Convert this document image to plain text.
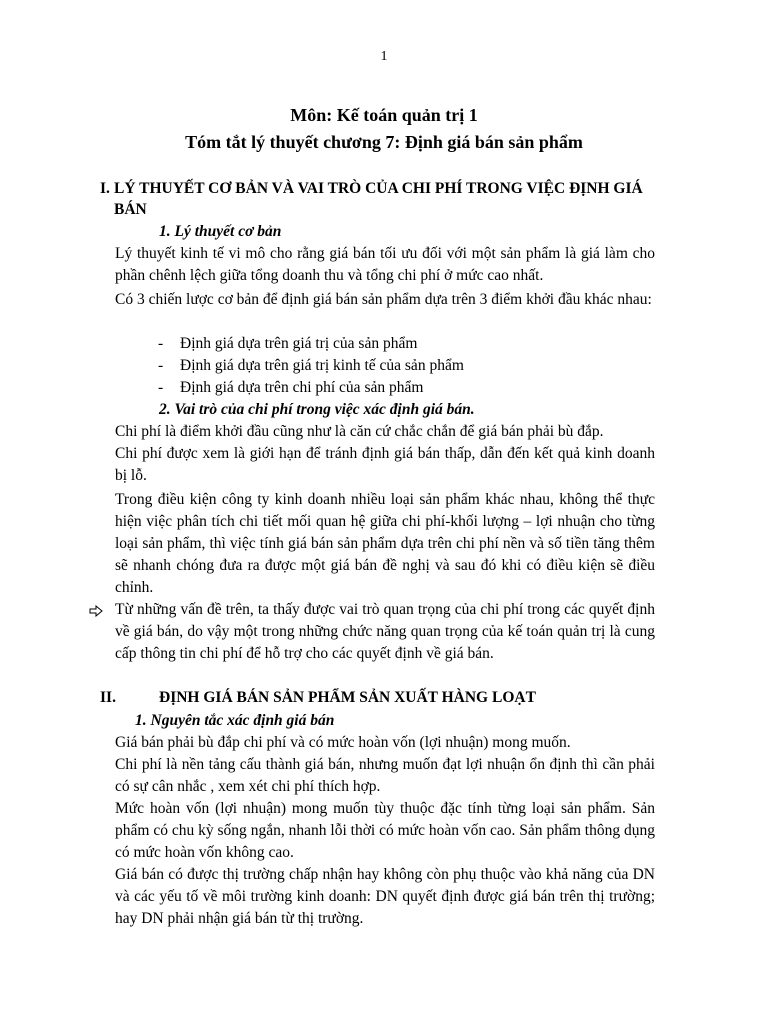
1
Môn: Kế toán quản trị 1
Tóm tắt lý thuyết chương 7: Định giá bán sản phẩm
I. LÝ THUYẾT CƠ BẢN VÀ VAI TRÒ CỦA CHI PHÍ TRONG VIỆC ĐỊNH GIÁ BÁN
1. Lý thuyết cơ bản
Lý thuyết kinh tế vi mô cho rằng giá bán tối ưu đối với một sản phẩm là giá làm cho phần chênh lệch giữa tổng doanh thu và tổng chi phí ở mức cao nhất.
Có 3 chiến lược cơ bản để định giá bán sản phẩm dựa trên 3 điểm khởi đầu khác nhau:
- Định giá dựa trên giá trị của sản phẩm
- Định giá dựa trên giá trị kinh tế của sản phẩm
- Định giá dựa trên chi phí của sản phẩm
2. Vai trò của chi phí trong việc xác định giá bán.
Chi phí là điểm khởi đầu cũng như là căn cứ chắc chắn để giá bán phải bù đắp.
Chi phí được xem là giới hạn để tránh định giá bán thấp, dẫn đến kết quả kinh doanh bị lỗ.
Trong điều kiện công ty kinh doanh nhiều loại sản phẩm khác nhau, không thể thực hiện việc phân tích chi tiết mối quan hệ giữa chi phí-khối lượng – lợi nhuận cho từng loại sản phẩm, thì việc tính giá bán sản phẩm dựa trên chi phí nền và số tiền tăng thêm sẽ nhanh chóng đưa ra được một giá bán đề nghị và sau đó khi có điều kiện sẽ điều chỉnh.
Từ những vấn đề trên, ta thấy được vai trò quan trọng của chi phí trong các quyết định về giá bán, do vậy một trong những chức năng quan trọng của kế toán quản trị là cung cấp thông tin chi phí để hỗ trợ cho các quyết định về giá bán.
II.	ĐỊNH GIÁ BÁN SẢN PHẨM SẢN XUẤT HÀNG LOẠT
1. Nguyên tắc xác định giá bán
Giá bán phải bù đắp chi phí và có mức hoàn vốn (lợi nhuận) mong muốn.
Chi phí là nền tảng cấu thành giá bán, nhưng muốn đạt lợi nhuận ổn định thì cần phải có sự cân nhắc , xem xét chi phí thích hợp.
Mức hoàn vốn (lợi nhuận) mong muốn tùy thuộc đặc tính từng loại sản phẩm. Sản phẩm có chu kỳ sống ngắn, nhanh lỗi thời có mức hoàn vốn cao. Sản phẩm thông dụng có mức hoàn vốn không cao.
Giá bán có được thị trường chấp nhận hay không còn phụ thuộc vào khả năng của DN và các yếu tố về môi trường kinh doanh: DN quyết định được giá bán trên thị trường; hay DN phải nhận giá bán từ thị trường.
